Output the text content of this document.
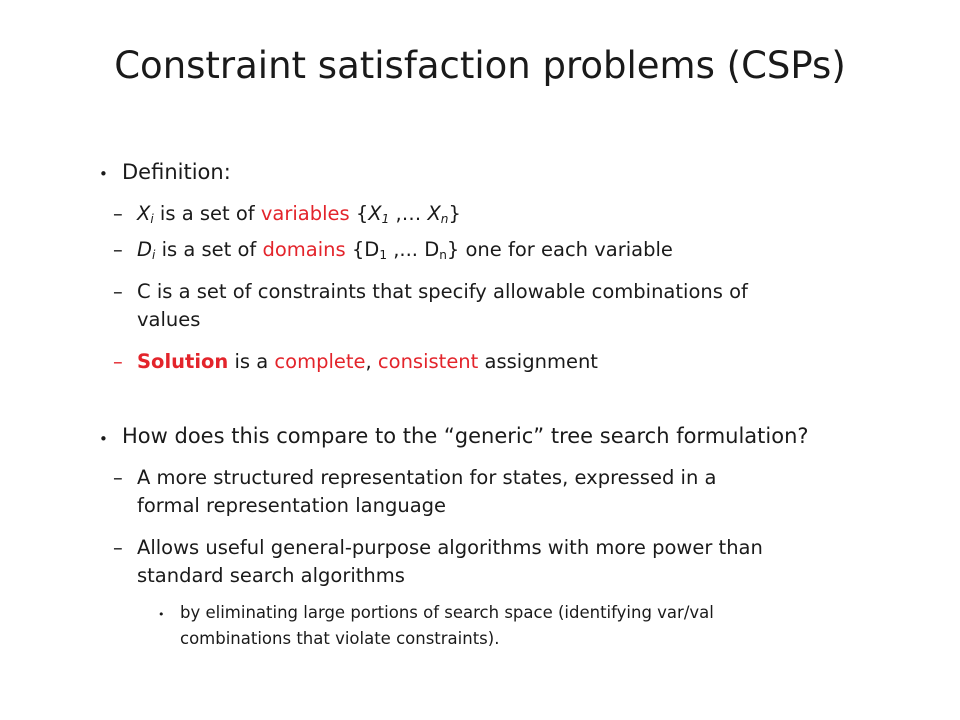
Constraint satisfaction problems (CSPs)
• Definition:
– $X_i$ is a set of variables {$X_1$ ,… $X_n$}
– $D_i$ is a set of domains {$D_1$ ,... $D_n$} one for each variable
– C is a set of constraints that specify allowable combinations of
values
– Solution is a complete, consistent assignment
• How does this compare to the “generic” tree search formulation?
– A more structured representation for states, expressed in a
formal representation language
– Allows useful general-purpose algorithms with more power than
standard search algorithms
• by eliminating large portions of search space (identifying var/val
combinations that violate constraints).
